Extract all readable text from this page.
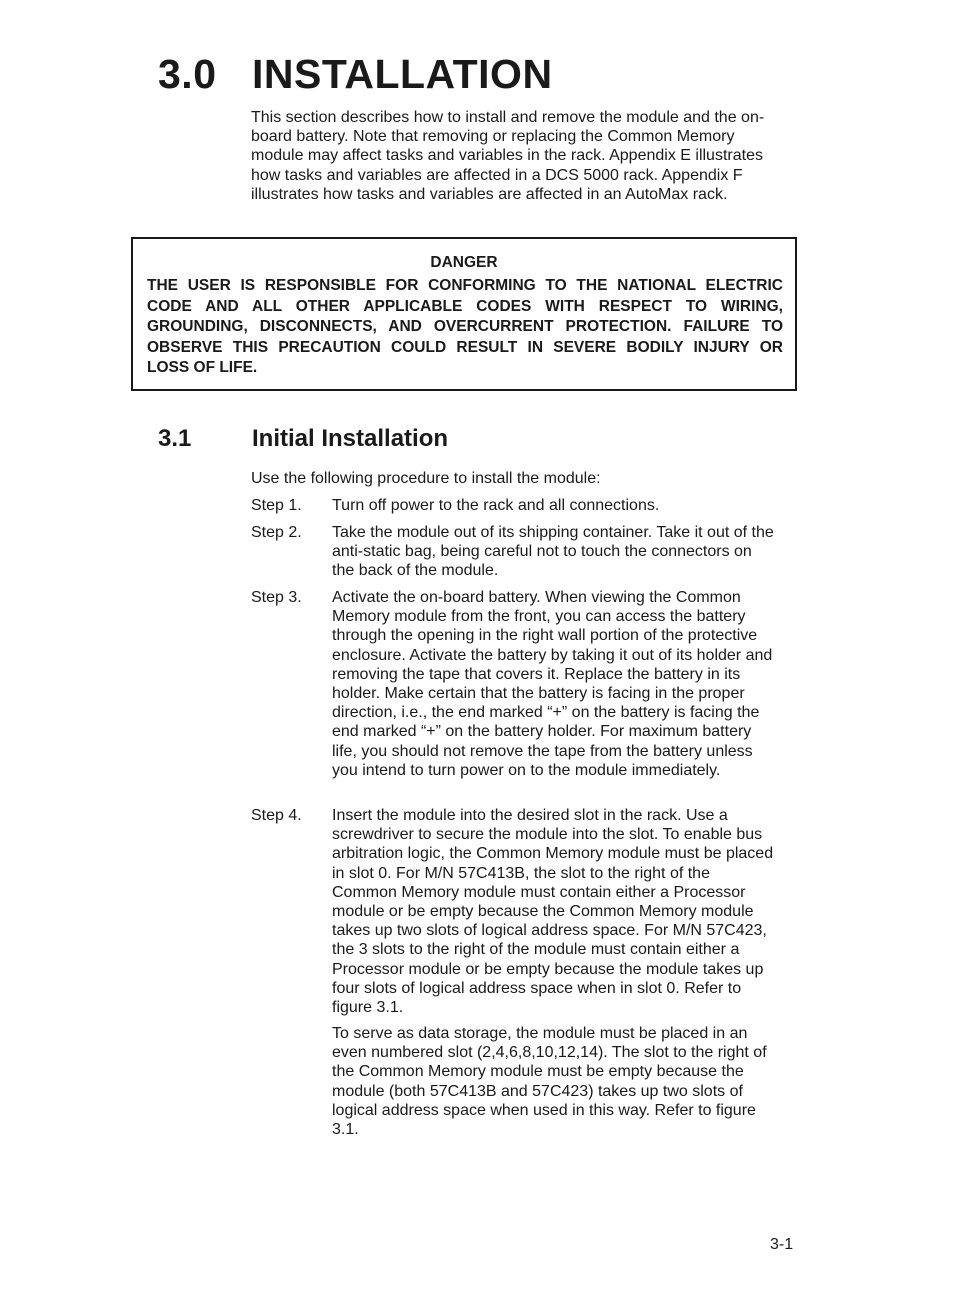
3.0 INSTALLATION

This section describes how to install and remove the module and the on-board battery. Note that removing or replacing the Common Memory module may affect tasks and variables in the rack. Appendix E illustrates how tasks and variables are affected in a DCS 5000 rack. Appendix F illustrates how tasks and variables are affected in an AutoMax rack.

DANGER
THE USER IS RESPONSIBLE FOR CONFORMING TO THE NATIONAL ELECTRIC
CODE AND ALL OTHER APPLICABLE CODES WITH RESPECT TO WIRING,
GROUNDING, DISCONNECTS, AND OVERCURRENT PROTECTION. FAILURE TO
OBSERVE THIS PRECAUTION COULD RESULT IN SEVERE BODILY INJURY OR
LOSS OF LIFE.
3.1	Initial Installation

Use the following procedure to install the module:

Step 1. Turn off power to the rack and all connections.

Step 2. Take the module out of its shipping container. Take it out of the anti-static bag, being careful not to touch the connectors on the back of the module.

Step 3. Activate the on-board battery. When viewing the Common Memory module from the front, you can access the battery through the opening in the right wall portion of the protective enclosure. Activate the battery by taking it out of its holder and removing the tape that covers it. Replace the battery in its holder. Make certain that the battery is facing in the proper direction, i.e., the end marked “+” on the battery is facing the end marked “+” on the battery holder. For maximum battery life, you should not remove the tape from the battery unless you intend to turn power on to the module immediately.

Step 4. Insert the module into the desired slot in the rack. Use a screwdriver to secure the module into the slot. To enable bus arbitration logic, the Common Memory module must be placed in slot 0. For M/N 57C413B, the slot to the right of the Common Memory module must contain either a Processor module or be empty because the Common Memory module takes up two slots of logical address space. For M/N 57C423, the 3 slots to the right of the module must contain either a Processor module or be empty because the module takes up four slots of logical address space when in slot 0. Refer to figure 3.1.

To serve as data storage, the module must be placed in an even numbered slot (2,4,6,8,10,12,14). The slot to the right of the Common Memory module must be empty because the module (both 57C413B and 57C423) takes up two slots of logical address space when used in this way. Refer to figure 3.1.

3-1
